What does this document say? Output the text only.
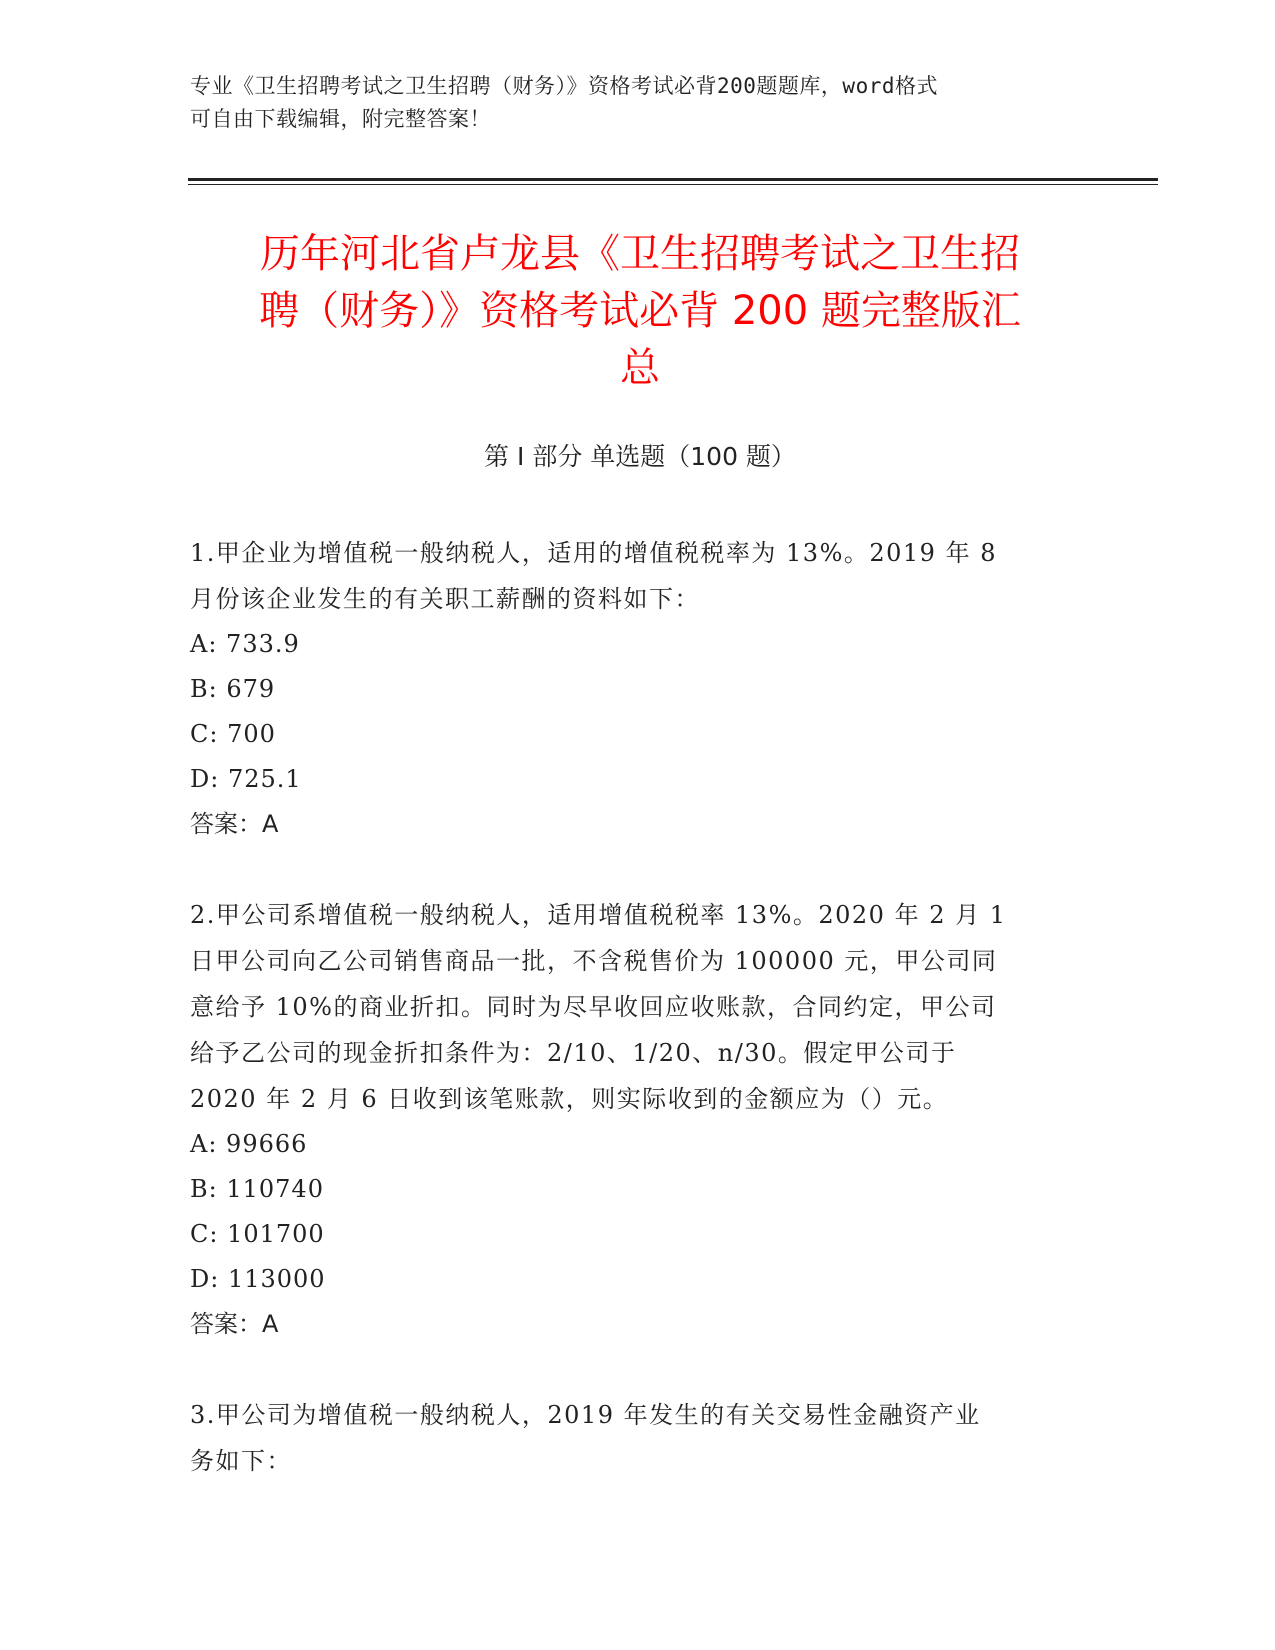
专业《卫生招聘考试之卫生招聘（财务）》资格考试必背200题题库，word格式
可自由下载编辑，附完整答案！
历年河北省卢龙县《卫生招聘考试之卫生招
聘（财务）》资格考试必背 200 题完整版汇
总
第 I 部分 单选题（100 题）
1.甲企业为增值税一般纳税人，适用的增值税税率为 13%。2019 年 8
月份该企业发生的有关职工薪酬的资料如下：
A: 733.9
B: 679
C: 700
D: 725.1
答案：A
2.甲公司系增值税一般纳税人，适用增值税税率 13%。2020 年 2 月 1
日甲公司向乙公司销售商品一批，不含税售价为 100000 元，甲公司同
意给予 10%的商业折扣。同时为尽早收回应收账款，合同约定，甲公司
给予乙公司的现金折扣条件为：2/10、1/20、n/30。假定甲公司于
2020 年 2 月 6 日收到该笔账款，则实际收到的金额应为（）元。
A: 99666
B: 110740
C: 101700
D: 113000
答案：A
3.甲公司为增值税一般纳税人，2019 年发生的有关交易性金融资产业
务如下：
